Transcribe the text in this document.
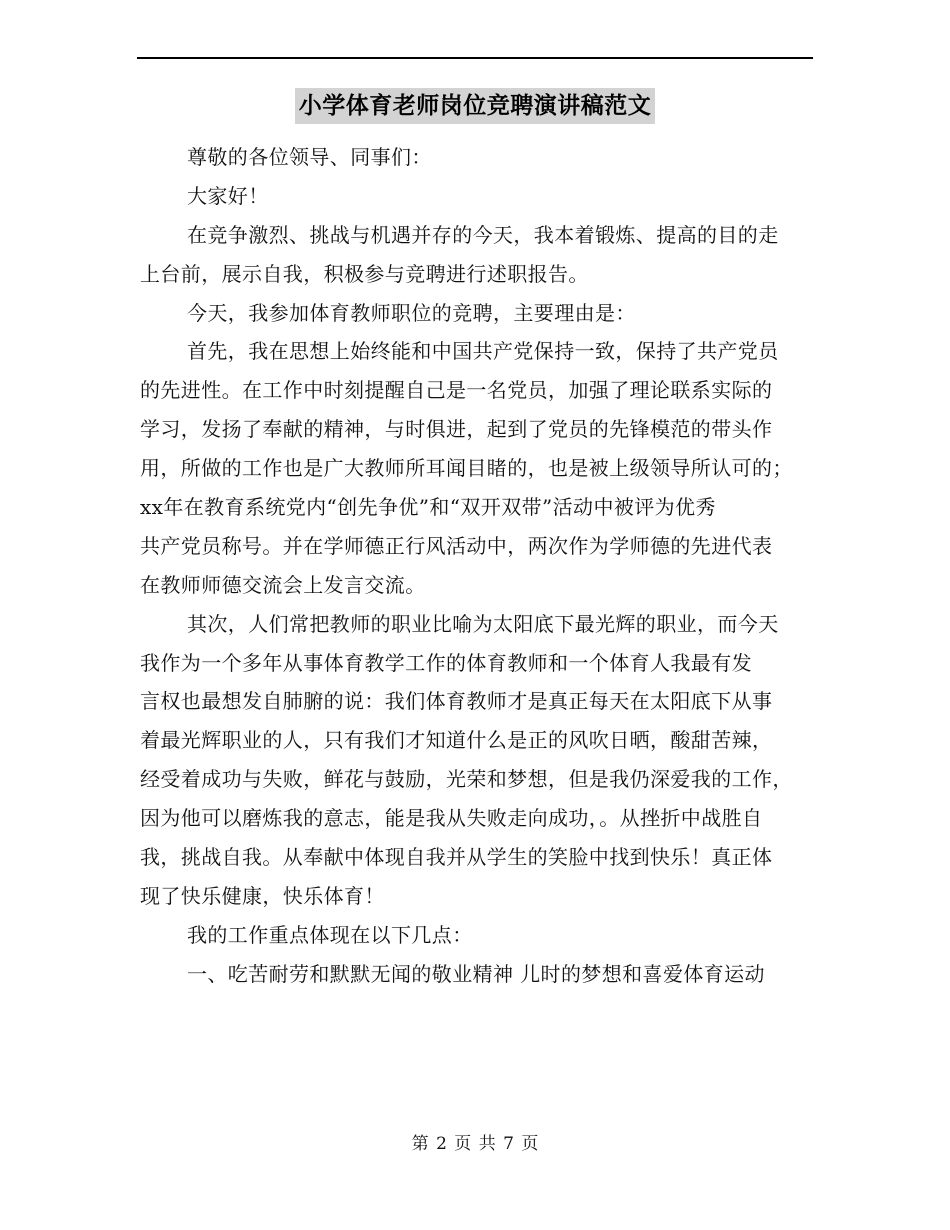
小学体育老师岗位竞聘演讲稿范文
尊敬的各位领导、同事们：
大家好！
在竞争激烈、挑战与机遇并存的今天，我本着锻炼、提高的目的走
上台前，展示自我，积极参与竞聘进行述职报告。
今天，我参加体育教师职位的竞聘，主要理由是：
首先，我在思想上始终能和中国共产党保持一致，保持了共产党员
的先进性。在工作中时刻提醒自己是一名党员，加强了理论联系实际的
学习，发扬了奉献的精神，与时俱进，起到了党员的先锋模范的带头作
用，所做的工作也是广大教师所耳闻目睹的，也是被上级领导所认可的；
xx年在教育系统党内“创先争优”和“双开双带”活动中被评为优秀
共产党员称号。并在学师德正行风活动中，两次作为学师德的先进代表
在教师师德交流会上发言交流。
其次，人们常把教师的职业比喻为太阳底下最光辉的职业，而今天
我作为一个多年从事体育教学工作的体育教师和一个体育人我最有发
言权也最想发自肺腑的说：我们体育教师才是真正每天在太阳底下从事
着最光辉职业的人，只有我们才知道什么是正的风吹日晒，酸甜苦辣，
经受着成功与失败，鲜花与鼓励，光荣和梦想，但是我仍深爱我的工作，
因为他可以磨炼我的意志，能是我从失败走向成功，。从挫折中战胜自
我，挑战自我。从奉献中体现自我并从学生的笑脸中找到快乐！真正体
现了快乐健康，快乐体育！
我的工作重点体现在以下几点：
一、吃苦耐劳和默默无闻的敬业精神 儿时的梦想和喜爱体育运动
第 2 页 共 7 页
